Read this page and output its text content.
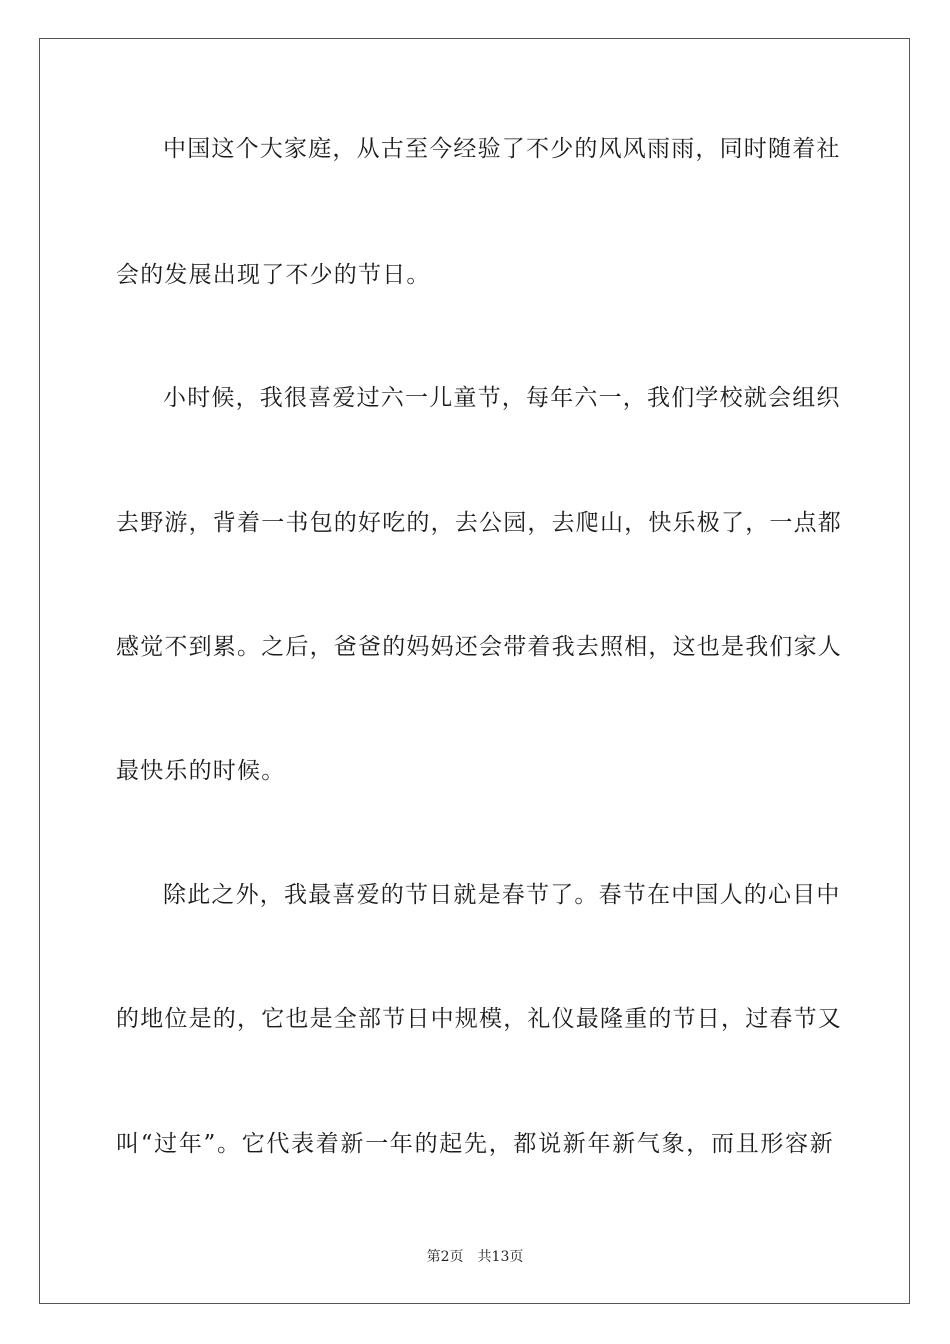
中国这个大家庭，从古至今经验了不少的风风雨雨，同时随着社
会的发展出现了不少的节日。
小时候，我很喜爱过六一儿童节，每年六一，我们学校就会组织
去野游，背着一书包的好吃的，去公园，去爬山，快乐极了，一点都
感觉不到累。之后，爸爸的妈妈还会带着我去照相，这也是我们家人
最快乐的时候。
除此之外，我最喜爱的节日就是春节了。春节在中国人的心目中
的地位是的，它也是全部节日中规模，礼仪最隆重的节日，过春节又
叫“过年”。它代表着新一年的起先，都说新年新气象，而且形容新
第2页　共13页
